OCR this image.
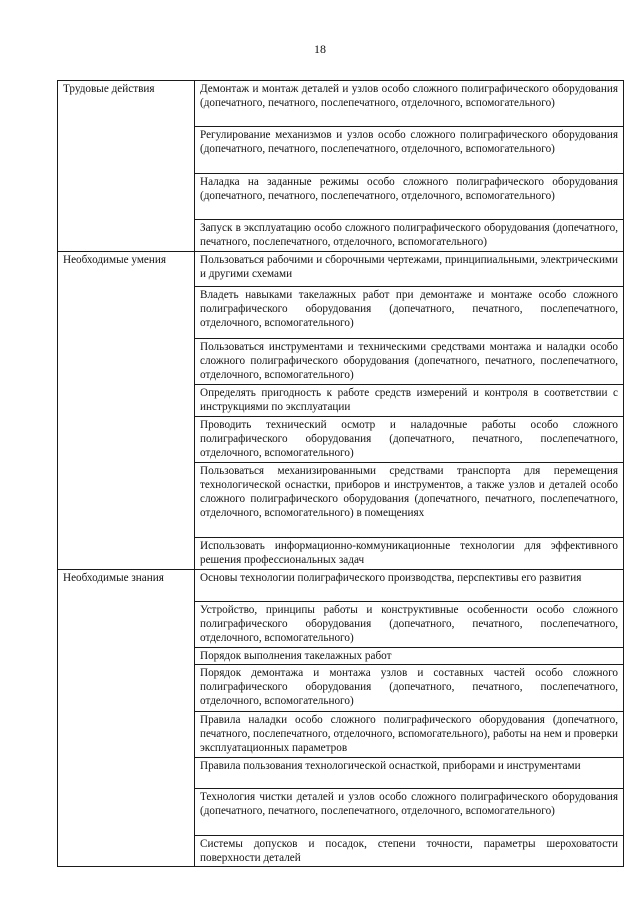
18
Трудовые действия	Демонтаж и монтаж деталей и узлов особо сложного полиграфического оборудования (допечатного, печатного, послепечатного, отделочного, вспомогательного)
	Регулирование механизмов и узлов особо сложного полиграфического оборудования (допечатного, печатного, послепечатного, отделочного, вспомогательного)
	Наладка на заданные режимы особо сложного полиграфического оборудования (допечатного, печатного, послепечатного, отделочного, вспомогательного)
	Запуск в эксплуатацию особо сложного полиграфического оборудования (допечатного, печатного, послепечатного, отделочного, вспомогательного)
Необходимые умения	Пользоваться рабочими и сборочными чертежами, принципиальными, электрическими и другими схемами
	Владеть навыками такелажных работ при демонтаже и монтаже особо сложного полиграфического оборудования (допечатного, печатного, послепечатного, отделочного, вспомогательного)
	Пользоваться инструментами и техническими средствами монтажа и наладки особо сложного полиграфического оборудования (допечатного, печатного, послепечатного, отделочного, вспомогательного)
	Определять пригодность к работе средств измерений и контроля в соответствии с инструкциями по эксплуатации
	Проводить технический осмотр и наладочные работы особо сложного полиграфического оборудования (допечатного, печатного, послепечатного, отделочного, вспомогательного)
	Пользоваться механизированными средствами транспорта для перемещения технологической оснастки, приборов и инструментов, а также узлов и деталей особо сложного полиграфического оборудования (допечатного, печатного, послепечатного, отделочного, вспомогательного) в помещениях
	Использовать информационно-коммуникационные технологии для эффективного решения профессиональных задач
Необходимые знания	Основы технологии полиграфического производства, перспективы его развития
	Устройство, принципы работы и конструктивные особенности особо сложного полиграфического оборудования (допечатного, печатного, послепечатного, отделочного, вспомогательного)
	Порядок выполнения такелажных работ
	Порядок демонтажа и монтажа узлов и составных частей особо сложного полиграфического оборудования (допечатного, печатного, послепечатного, отделочного, вспомогательного)
	Правила наладки особо сложного полиграфического оборудования (допечатного, печатного, послепечатного, отделочного, вспомогательного), работы на нем и проверки эксплуатационных параметров
	Правила пользования технологической оснасткой, приборами и инструментами
	Технология чистки деталей и узлов особо сложного полиграфического оборудования (допечатного, печатного, послепечатного, отделочного, вспомогательного)
	Системы допусков и посадок, степени точности, параметры шероховатости поверхности деталей
